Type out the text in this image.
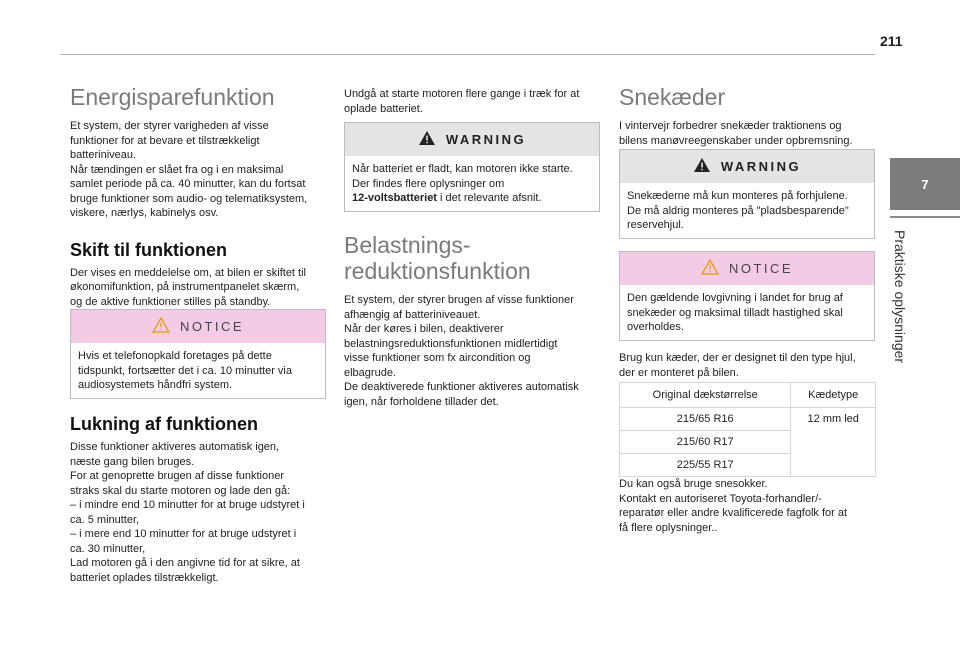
211
7
Praktiske oplysninger
Energisparefunktion

Et system, der styrer varigheden af visse
funktioner for at bevare et tilstrækkeligt
batteriniveau.
Når tændingen er slået fra og i en maksimal
samlet periode på ca. 40 minutter, kan du fortsat
bruge funktioner som audio- og telematiksystem,
viskere, nærlys, kabinelys osv.

Skift til funktionen

Der vises en meddelelse om, at bilen er skiftet til
økonomifunktion, på instrumentpanelet skærm,
og de aktive funktioner stilles på standby.

NOTICE
Hvis et telefonopkald foretages på dette
tidspunkt, fortsætter det i ca. 10 minutter via
audiosystemets håndfri system.
Lukning af funktionen

Disse funktioner aktiveres automatisk igen,
næste gang bilen bruges.
For at genoprette brugen af disse funktioner
straks skal du starte motoren og lade den gå:
– i mindre end 10 minutter for at bruge udstyret i
ca. 5 minutter,
– i mere end 10 minutter for at bruge udstyret i
ca. 30 minutter,
Lad motoren gå i den angivne tid for at sikre, at
batteriet oplades tilstrækkeligt.

Undgå at starte motoren flere gange i træk for at
oplade batteriet.

WARNING
Når batteriet er fladt, kan motoren ikke starte.
Der findes flere oplysninger om
12-voltsbatteriet i det relevante afsnit.
Belastnings-
reduktionsfunktion

Et system, der styrer brugen af visse funktioner
afhængig af batteriniveauet.
Når der køres i bilen, deaktiverer
belastningsreduktionsfunktionen midlertidigt
visse funktioner som fx aircondition og
elbagrude.
De deaktiverede funktioner aktiveres automatisk
igen, når forholdene tillader det.

Snekæder

I vintervejr forbedrer snekæder traktionens og
bilens manøvreegenskaber under opbremsning.

WARNING
Snekæderne må kun monteres på forhjulene.
De må aldrig monteres på "pladsbesparende"
reservehjul.
NOTICE
Den gældende lovgivning i landet for brug af
snekæder og maksimal tilladt hastighed skal
overholdes.

Brug kun kæder, der er designet til den type hjul,
der er monteret på bilen.

Original dækstørrelse	Kædetype
215/65 R16	12 mm led
215/60 R17	
225/55 R17	

Du kan også bruge snesokker.
Kontakt en autoriseret Toyota-forhandler/-
reparatør eller andre kvalificerede fagfolk for at
få flere oplysninger..
